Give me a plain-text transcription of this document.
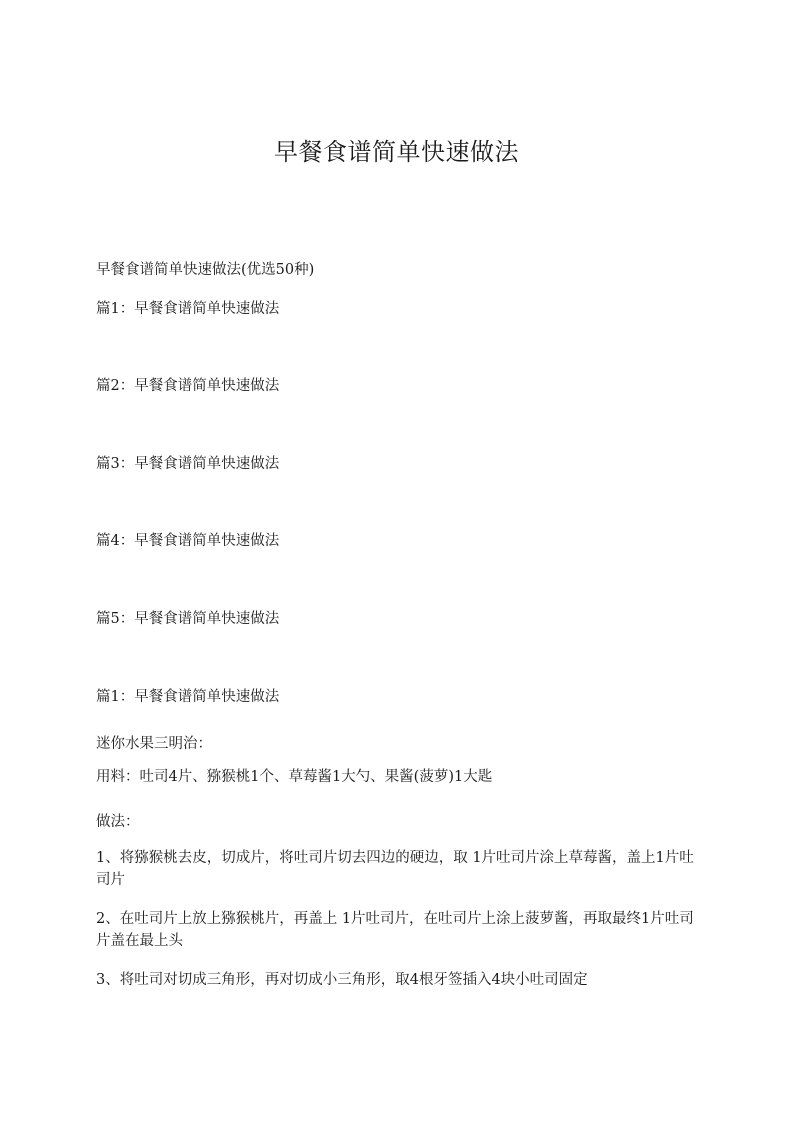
早餐食谱简单快速做法
早餐食谱简单快速做法(优选50种)
篇1：早餐食谱简单快速做法
篇2：早餐食谱简单快速做法
篇3：早餐食谱简单快速做法
篇4：早餐食谱简单快速做法
篇5：早餐食谱简单快速做法
篇1：早餐食谱简单快速做法
迷你水果三明治：
用料：吐司4片、猕猴桃1个、草莓酱1大勺、果酱(菠萝)1大匙
做法：
1、将猕猴桃去皮，切成片，将吐司片切去四边的硬边，取 1片吐司片涂上草莓酱，盖上1片吐司片
2、在吐司片上放上猕猴桃片，再盖上 1片吐司片，在吐司片上涂上菠萝酱，再取最终1片吐司片盖在最上头
3、将吐司对切成三角形，再对切成小三角形，取4根牙签插入4块小吐司固定
